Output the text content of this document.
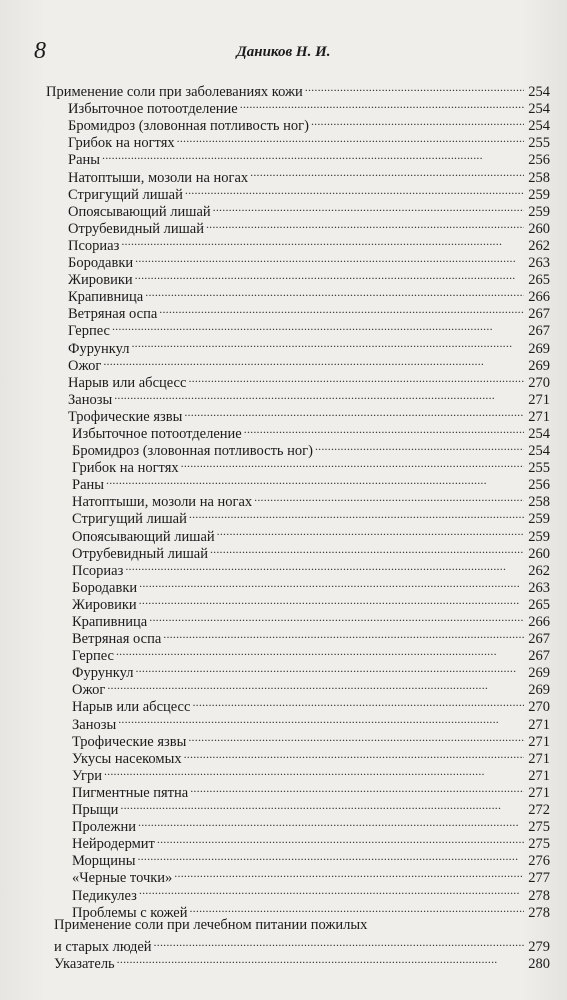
8	Даников Н. И.
Применение соли при заболеваниях кожи . . .	254
Избыточное потоотделение . . .	254
Бромидроз (зловонная потливость ног) . . .	254
Грибок на ногтях . . .	255
Раны . . .	256
Натоптыши, мозоли на ногах . . .	258
Стригущий лишай . . .	259
Опоясывающий лишай . . .	259
Отрубевидный лишай . . .	260
Псориаз . . .	262
Бородавки . . .	263
Жировики . . .	265
Крапивница . . .	266
Ветряная оспа . . .	267
Герпес . . .	267
Фурункул . . .	269
Ожог . . .	269
Нарыв или абсцесс . . .	270
Занозы . . .	271
Трофические язвы . . .	271
Избыточное потоотделение . . .	254
Бромидроз (зловонная потливость ног) . . .	254
Грибок на ногтях . . .	255
Раны . . .	256
Натоптыши, мозоли на ногах . . .	258
Стригущий лишай . . .	259
Опоясывающий лишай . . .	259
Отрубевидный лишай . . .	260
Псориаз . . .	262
Бородавки . . .	263
Жировики . . .	265
Крапивница . . .	266
Ветряная оспа . . .	267
Герпес . . .	267
Фурункул . . .	269
Ожог . . .	269
Нарыв или абсцесс . . .	270
Занозы . . .	271
Трофические язвы . . .	271
Укусы насекомых . . .	271
Угри . . .	271
Пигментные пятна . . .	271
Прыщи . . .	272
Пролежни . . .	275
Нейродермит . . .	275
Морщины . . .	276
«Черные точки» . . .	277
Педикулез . . .	278
Проблемы с кожей . . .	278
Применение соли при лечебном питании пожилых
и старых людей . . .	279
Указатель . . .	280
